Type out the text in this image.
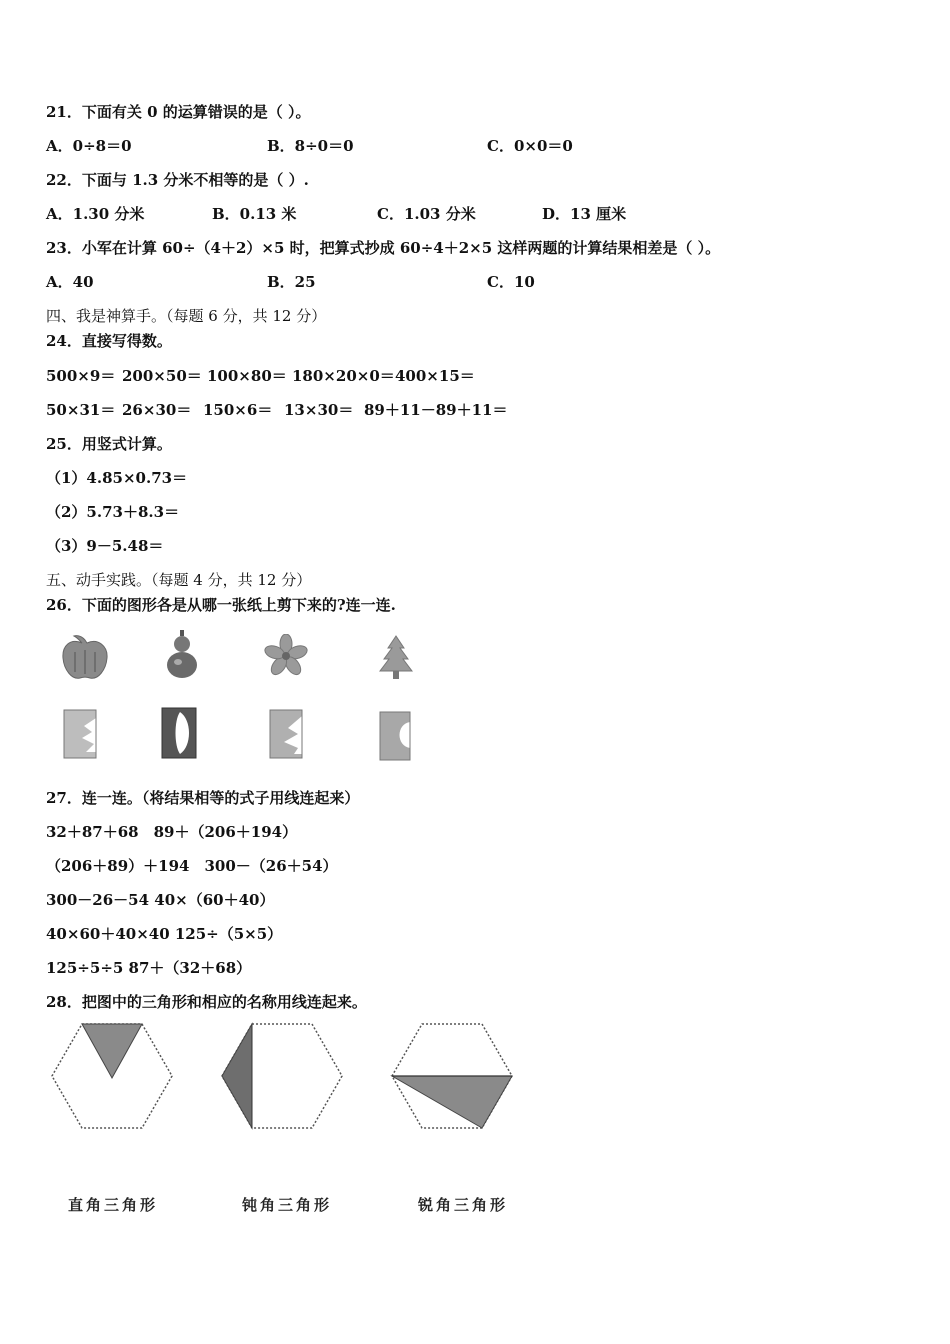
21．下面有关 0 的运算错误的是（ ）。
A．0÷8＝0	B．8÷0＝0	C．0×0＝0
22．下面与 1.3 分米不相等的是（ ）.
A．1.30 分米	B．0.13 米	C．1.03 分米	D．13 厘米
23．小军在计算 60÷（4＋2）×5 时，把算式抄成 60÷4＋2×5 这样两题的计算结果相差是（ ）。
A．40	B．25	C．10
四、我是神算手。（每题 6 分，共 12 分）
24．直接写得数。
500×9＝ 200×50＝ 100×80＝ 180×20×0＝ 400×15＝
50×31＝ 26×30＝ 150×6＝ 13×30＝ 89＋11－89＋11＝
25．用竖式计算。
（1）4.85×0.73＝
（2）5.73＋8.3＝
（3）9－5.48＝
五、动手实践。（每题 4 分，共 12 分）
26．下面的图形各是从哪一张纸上剪下来的?连一连.
27．连一连。（将结果相等的式子用线连起来）
32＋87＋68　89＋（206＋194）
（206＋89）＋194　300－（26＋54）
300－26－54 40×（60＋40）
40×60＋40×40 125÷（5×5）
125÷5÷5 87＋（32＋68）
28．把图中的三角形和相应的名称用线连起来。
直角三角形	钝角三角形	锐角三角形
